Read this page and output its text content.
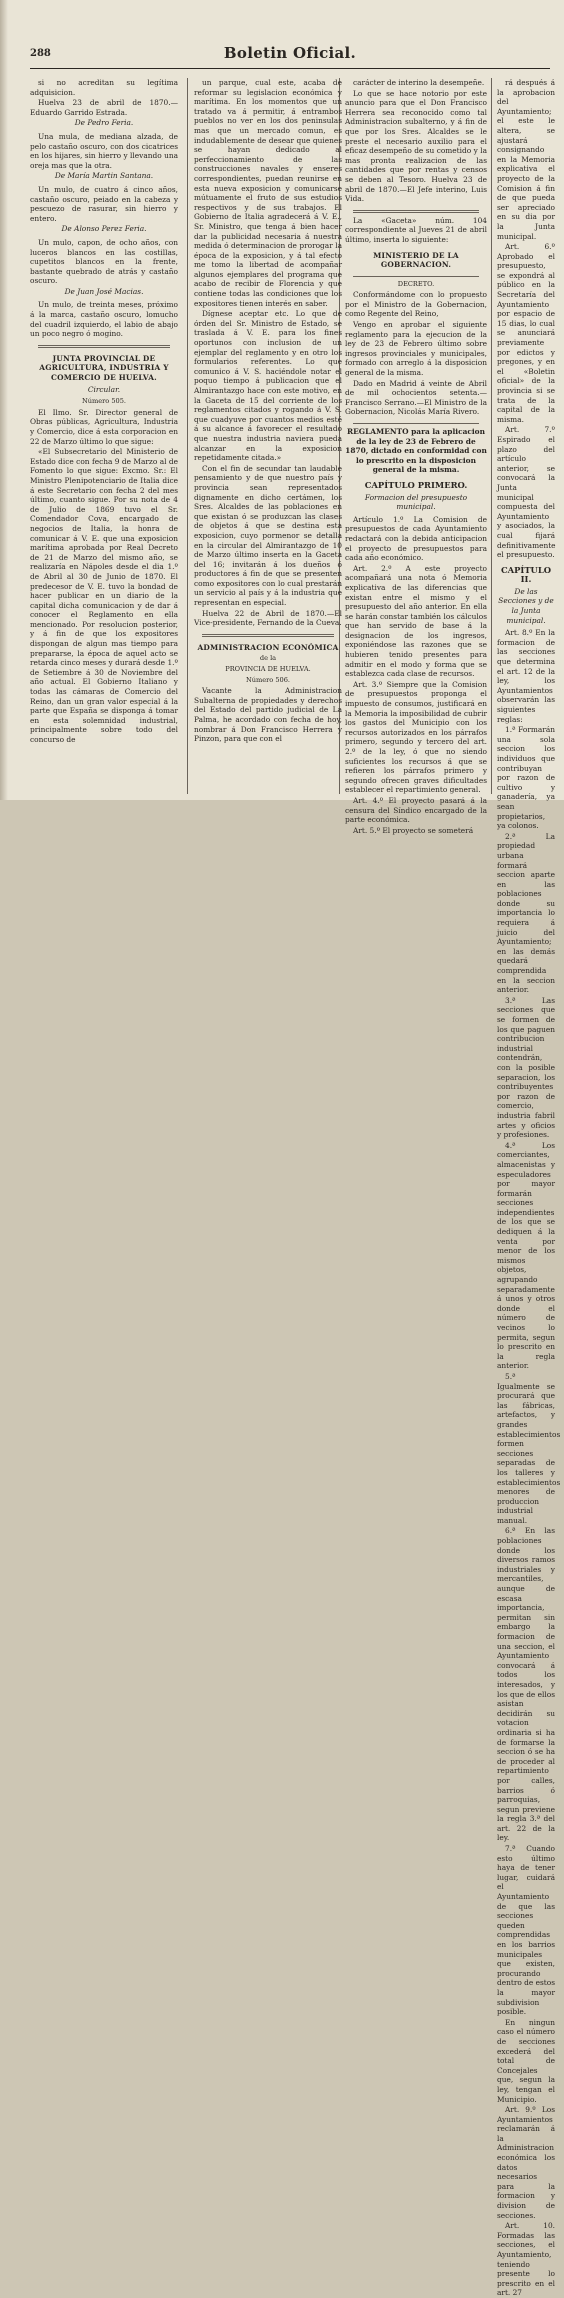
288	Boletin Oficial.

si no acreditan su legítima adquisicion.

Huelva 23 de abril de 1870.—Eduardo Garrido Estrada.

De Pedro Feria.

Una mula, de mediana alzada, de pelo castaño oscuro, con dos cicatrices en los hijares, sin hierro y llevando una oreja mas que la otra.

De María Martin Santana.

Un mulo, de cuatro á cinco años, castaño oscuro, peiado en la cabeza y pescuezo de rasurar, sin hierro y entero.

De Alonso Perez Feria.

Un mulo, capon, de ocho años, con luceros blancos en las costillas, cupetitos blancos en la frente, bastante quebrado de atrás y castaño oscuro.

De Juan José Macias.

Un mulo, de treinta meses, próximo á la marca, castaño oscuro, lomucho del cuadril izquierdo, el labio de abajo un poco negro ó mogino.

JUNTA PROVINCIAL DE AGRICULTURA, INDUSTRIA Y COMERCIO DE HUELVA.

Circular.

Número 505.

El Ilmo. Sr. Director general de Obras públicas, Agricultura, Industria y Comercio, dice á esta corporacion en 22 de Marzo último lo que sigue:

«El Subsecretario del Ministerio de Estado dice con fecha 9 de Marzo al de Fomento lo que sigue: Excmo. Sr.: El Ministro Plenipotenciario de Italia dice á este Secretario con fecha 2 del mes último, cuanto sigue. Por su nota de 4 de Julio de 1869 tuvo el Sr. Comendador Cova, encargado de negocios de Italia, la honra de comunicar á V. E. que una exposicion marítima aprobada por Real Decreto de 21 de Marzo del mismo año, se realizaría en Nápoles desde el dia 1.º de Abril al 30 de Junio de 1870. El predecesor de V. E. tuvo la bondad de hacer publicar en un diario de la capital dicha comunicacion y de dar á conocer el Reglamento en ella mencionado. Por resolucion posterior, y á fin de que los expositores dispongan de algun mas tiempo para prepararse, la época de aquel acto se retarda cinco meses y durará desde 1.º de Setiembre á 30 de Noviembre del año actual. El Gobierno Italiano y todas las cámaras de Comercio del Reino, dan un gran valor especial á la parte que España se disponga á tomar en esta solemnidad industrial, principalmente sobre todo del concurso de

un parque, cual este, acaba de reformar su legislacion económica y marítima. En los momentos que un tratado va á permitir, á entrambos pueblos no ver en los dos peninsulas mas que un mercado comun, es indudablemente de desear que quienes se hayan dedicado al perfeccionamiento de las construcciones navales y enseres correspondientes, puedan reunirse en esta nueva exposicion y comunicarse mútuamente el fruto de sus estudios respectivos y de sus trabajos. El Gobierno de Italia agradecerá á V. E., Sr. Ministro, que tenga á bien hacer dar la publicidad necesaria á nuestra medida ó determinacion de prorogar la época de la exposicion, y á tal efecto me tomo la libertad de acompañar algunos ejemplares del programa que acabo de recibir de Florencia y que contiene todas las condiciones que los expositores tienen interés en saber.

Dígnese aceptar etc. Lo que de órden del Sr. Ministro de Estado, se traslada á V. E. para los fines oportunos con inclusion de un ejemplar del reglamento y en otro los formularios referentes. Lo que comunico á V. S. haciéndole notar el poquo tiempo á publicacion que el Almirantazgo hace con este motivo, en la Gaceta de 15 del corriente de los reglamentos citados y rogando á V. S. que cuadyuve por cuantos medios esté á su alcance á favorecer el resultado que nuestra industria naviera pueda alcanzar en la exposicion repetidamente citada.»

Con el fin de secundar tan laudable pensamiento y de que nuestro país y provincia sean representados dignamente en dicho certámen, los Sres. Alcaldes de las poblaciones en que existan ó se produzcan las clases de objetos á que se destina esta exposicion, cuyo pormenor se detalla en la circular del Almirantazgo de 10 de Marzo último inserta en la Gaceta del 16; invitarán á los dueños ó productores á fin de que se presenten como expositores con lo cual prestarán un servicio al país y á la industria que representan en especial.

Huelva 22 de Abril de 1870.—El Vice-presidente, Fernando de la Cueva.

ADMINISTRACION ECONÓMICA

de la

PROVINCIA DE HUELVA.

Número 506.

Vacante la Administracion Subalterna de propiedades y derechos del Estado del partido judicial de La Palma, he acordado con fecha de hoy, nombrar á Don Francisco Herrera y Pinzon, para que con el

carácter de interino la desempeñe.

Lo que se hace notorio por este anuncio para que el Don Francisco Herrera sea reconocido como tal Administracion subalterno, y á fin de que por los Sres. Alcaldes se le preste el necesario auxilio para el eficaz desempeño de su cometido y la mas pronta realizacion de las cantidades que por rentas y censos se deben al Tesoro. Huelva 23 de abril de 1870.—El Jefe interino, Luis Vida.

La «Gaceta» núm. 104 correspondiente al Jueves 21 de abril último, inserta lo siguiente:

MINISTERIO DE LA GOBERNACION.

DECRETO.

Conformándome con lo propuesto por el Ministro de la Gobernacion, como Regente del Reino,

Vengo en aprobar el siguiente reglamento para la ejecucion de la ley de 23 de Febrero último sobre ingresos provinciales y municipales, formado con arreglo á la disposicion general de la misma.

Dado en Madrid á veinte de Abril de mil ochocientos setenta.—Francisco Serrano.—El Ministro de la Gobernacion, Nicolás María Rivero.

REGLAMENTO para la aplicacion de la ley de 23 de Febrero de 1870, dictado en conformidad con lo prescrito en la disposicion general de la misma.

CAPÍTULO PRIMERO.

Formacion del presupuesto municipal.

Artículo 1.º La Comision de presupuestos de cada Ayuntamiento redactará con la debida anticipacion el proyecto de presupuestos para cada año económico.

Art. 2.º A este proyecto acompañará una nota ó Memoria explicativa de las diferencias que existan entre el mismo y el presupuesto del año anterior. En ella se harán constar también los cálculos que han servido de base á la designacion de los ingresos, exponiéndose las razones que se hubieren tenido presentes para admitir en el modo y forma que se establezca cada clase de recursos.

Art. 3.º Siempre que la Comision de presupuestos proponga el impuesto de consumos, justificará en la Memoria la imposibilidad de cubrir los gastos del Municipio con los recursos autorizados en los párrafos primero, segundo y tercero del art. 2.º de la ley, ó que no siendo suficientes los recursos á que se refieren los párrafos primero y segundo ofrecen graves dificultades establecer el repartimiento general.

Art. 4.º El proyecto pasará á la censura del Síndico encargado de la parte económica.

Art. 5.º El proyecto se someterá

rá después á la aprobacion del Ayuntamiento; el este le altera, se ajustará consignando en la Memoria explicativa el proyecto de la Comision á fin de que pueda ser apreciado en su dia por la Junta municipal.

Art. 6.º Aprobado el presupuesto, se expondrá al público en la Secretaría del Ayuntamiento por espacio de 15 dias, lo cual se anunciará previamente por edictos y pregones, y en el «Boletin oficial» de la provincia si se trata de la capital de la misma.

Art. 7.º Espirado el plazo del artículo anterior, se convocará la Junta municipal compuesta del Ayuntamiento y asociados, la cual fijará definitivamente el presupuesto.

CAPÍTULO II.

De las Secciones y de la Junta municipal.

Art. 8.º En la formacion de las secciones que determina el art. 12 de la ley, los Ayuntamientos observarán las siguientes reglas:

1.ª Formarán una sola seccion los individuos que contribuyan por razon de cultivo y ganadería, ya sean propietarios, ya colonos.

2.ª La propiedad urbana formará seccion aparte en las poblaciones donde su importancia lo requiera á juicio del Ayuntamiento; en las demás quedará comprendida en la seccion anterior.

3.ª Las secciones que se formen de los que paguen contribucion industrial contendrán, con la posible separacion, los contribuyentes por razon de comercio, industria fabril artes y oficios y profesiones.

4.ª Los comerciantes, almacenistas y especuladores por mayor formarán secciones independientes de los que se dediquen á la venta por menor de los mismos objetos, agrupando separadamente á unos y otros donde el número de vecinos lo permita, segun lo prescrito en la regla anterior.

5.ª Igualmente se procurará que las fábricas, artefactos, y grandes establecimientos formen secciones separadas de los talleres y establecimientos menores de produccion industrial manual.

6.ª En las poblaciones donde los diversos ramos industriales y mercantiles, aunque de escasa importancia, permitan sin embargo la formacion de una seccion, el Ayuntamiento convocará á todos los interesados, y los que de ellos asistan decidirán su votacion ordinaria si ha de formarse la seccion ó se ha de proceder al repartimiento por calles, barrios ó parroquias, segun previene la regla 3.ª del art. 22 de la ley.

7.ª Cuando esto último haya de tener lugar, cuidará el Ayuntamiento de que las secciones queden comprendidas en los barrios municipales que existen, procurando dentro de estos la mayor subdivision posible.

En ningun caso el número de secciones excederá del total de Concejales que, segun la ley, tengan el Municipio.

Art. 9.º Los Ayuntamientos reclamarán á la Administracion económica los datos necesarios para la formacion y division de secciones.

Art. 10. Formadas las secciones, el Ayuntamiento, teniendo presente lo prescrito en el art. 27
